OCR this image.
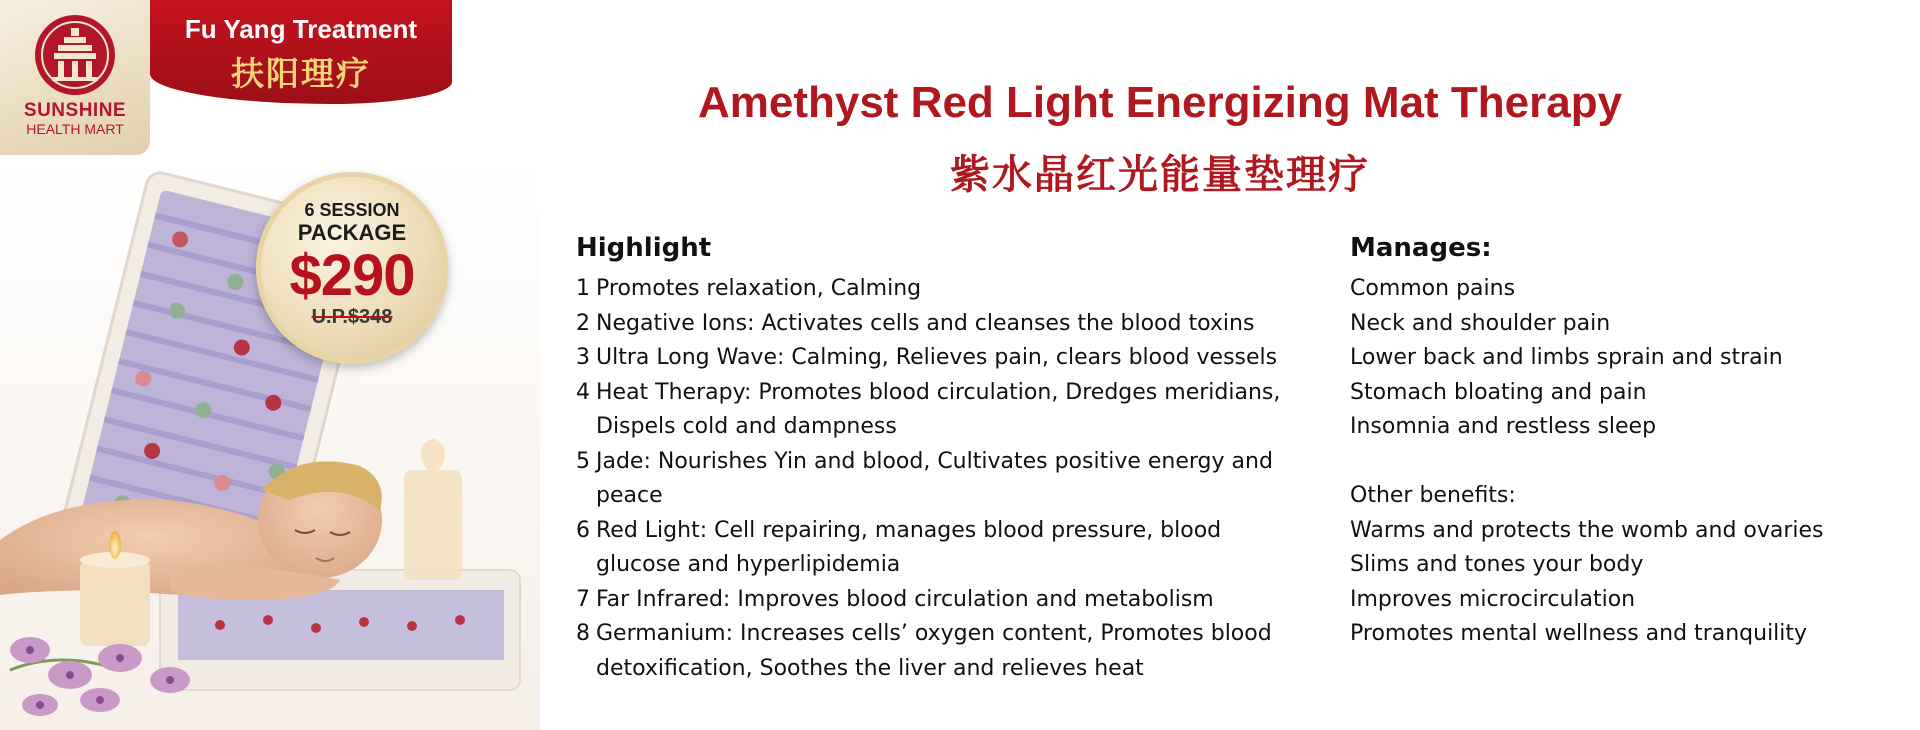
SUNSHINE
HEALTH MART
Fu Yang Treatment
扶阳理疗
6 SESSION
PACKAGE
$290
U.P.$348
Amethyst Red Light Energizing Mat Therapy
紫水晶红光能量垫理疗
Highlight
1 Promotes relaxation, Calming
2 Negative Ions: Activates cells and cleanses the blood toxins
3 Ultra Long Wave: Calming, Relieves pain, clears blood vessels
4 Heat Therapy: Promotes blood circulation, Dredges meridians, Dispels cold and dampness
5 Jade: Nourishes Yin and blood, Cultivates positive energy and peace
6 Red Light: Cell repairing, manages blood pressure, blood glucose and hyperlipidemia
7 Far Infrared: Improves blood circulation and metabolism
8 Germanium: Increases cells’ oxygen content, Promotes blood detoxification, Soothes the liver and relieves heat
Manages:
Common pains
Neck and shoulder pain
Lower back and limbs sprain and strain
Stomach bloating and pain
Insomnia and restless sleep
Other benefits:
Warms and protects the womb and ovaries
Slims and tones your body
Improves microcirculation
Promotes mental wellness and tranquility
